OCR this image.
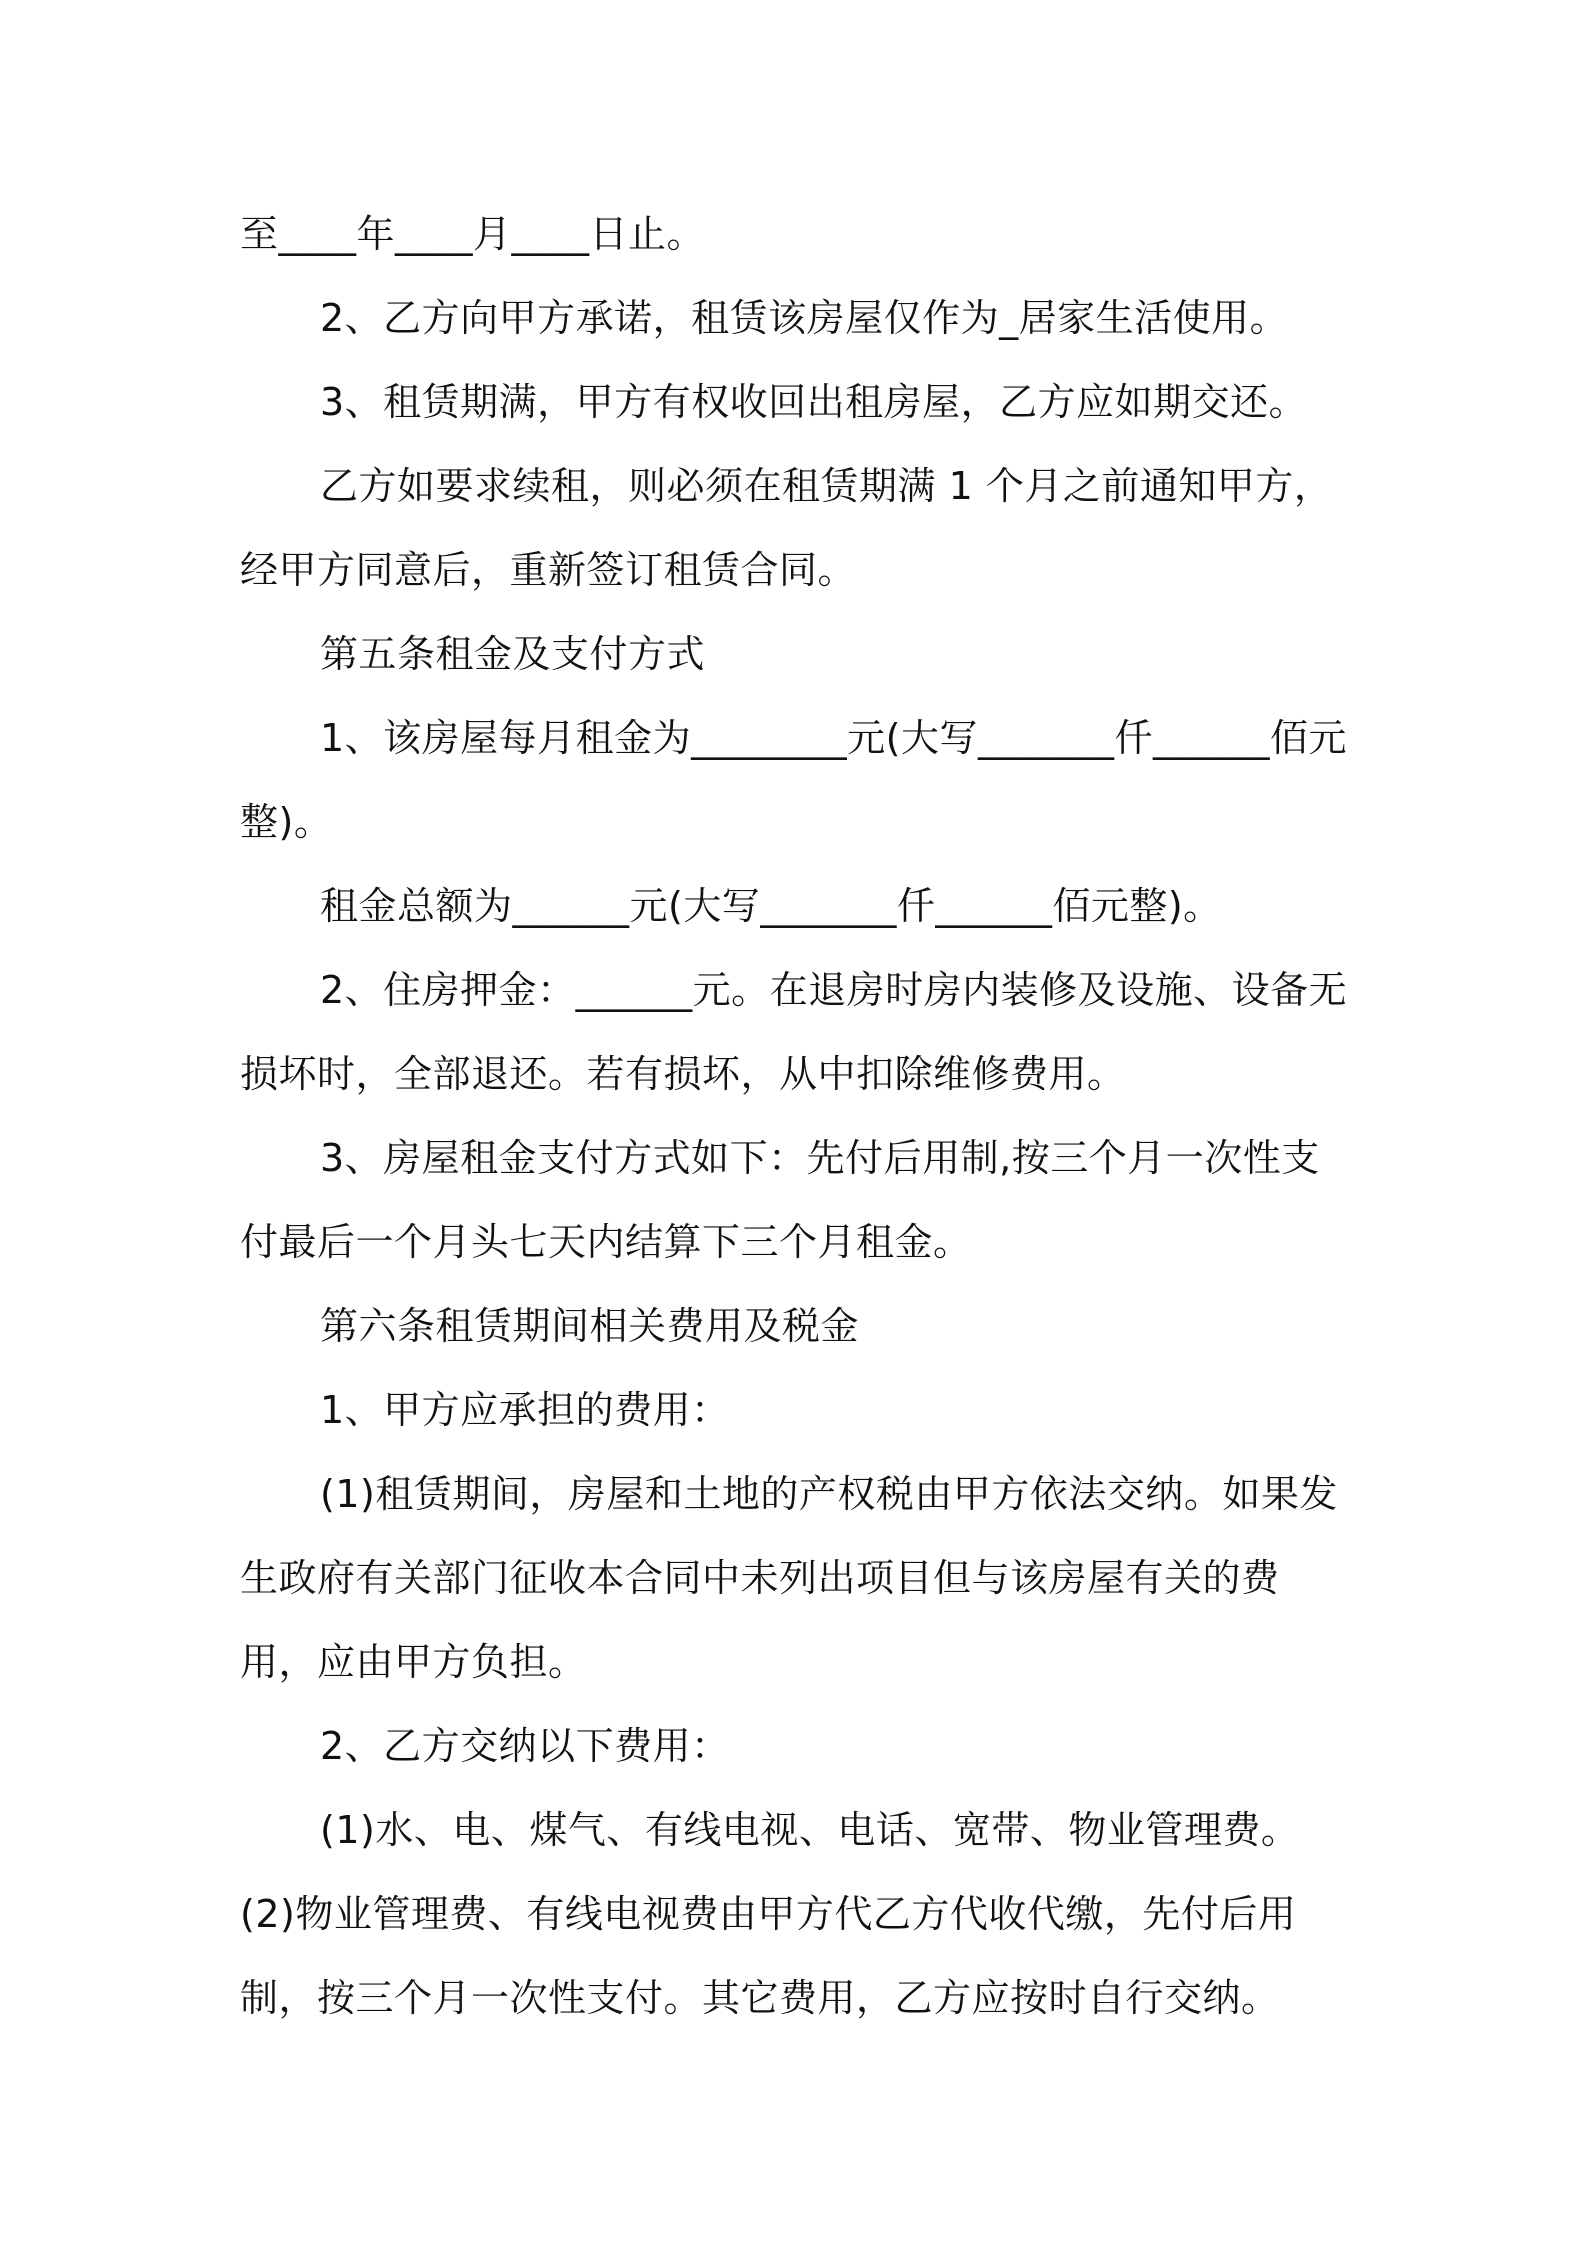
至____年____月____日止。

2、乙方向甲方承诺，租赁该房屋仅作为_居家生活使用。

3、租赁期满，甲方有权收回出租房屋，乙方应如期交还。

乙方如要求续租，则必须在租赁期满 1 个月之前通知甲方，经甲方同意后，重新签订租赁合同。

第五条租金及支付方式

1、该房屋每月租金为________元(大写_______仟______佰元整)。

租金总额为______元(大写_______仟______佰元整)。

2、住房押金：______元。在退房时房内装修及设施、设备无损坏时，全部退还。若有损坏，从中扣除维修费用。

3、房屋租金支付方式如下：先付后用制,按三个月一次性支付最后一个月头七天内结算下三个月租金。

第六条租赁期间相关费用及税金

1、甲方应承担的费用：

(1)租赁期间，房屋和土地的产权税由甲方依法交纳。如果发生政府有关部门征收本合同中未列出项目但与该房屋有关的费用，应由甲方负担。

2、乙方交纳以下费用：

(1)水、电、煤气、有线电视、电话、宽带、物业管理费。(2)物业管理费、有线电视费由甲方代乙方代收代缴，先付后用制，按三个月一次性支付。其它费用，乙方应按时自行交纳。
